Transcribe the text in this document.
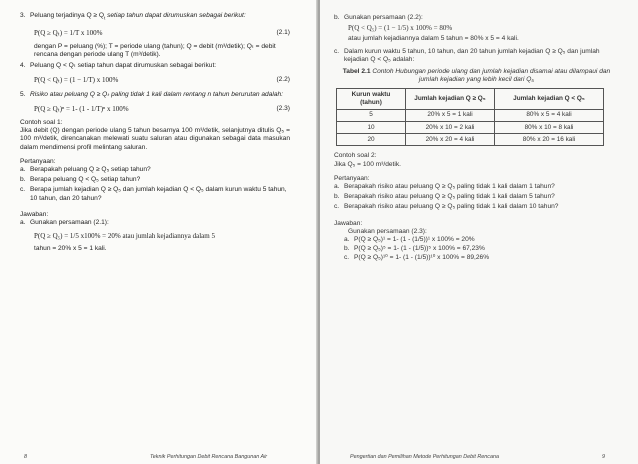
3. Peluang terjadinya $Q \ge Q_t$ setiap tahun dapat dirumuskan sebagai berikut:
P(Q ≥ Qₜ) = 1/T x 100%	(2.1)

dengan P = peluang (%); T = periode ulang (tahun); Q = debit (m³/detik); Qₜ = debit rencana dengan periode ulang T (m³/detik).

4. Peluang Q < Qₜ setiap tahun dapat dirumuskan sebagai berikut:
P(Q < Qₜ) = (1 − 1/T) x 100%	(2.2)
5. Risiko atau peluang Q ≥ Qₜ paling tidak 1 kali dalam rentang n tahun berurutan adalah:
P(Q ≥ Qₜ)ⁿ = 1- (1 - 1/T)ⁿ x 100%	(2.3)

Contoh soal 1:

Jika debit (Q) dengan periode ulang 5 tahun besarnya 100 m³/detik, selanjutnya ditulis Q₅ = 100 m³/detik, direncanakan melewati suatu saluran atau digunakan sebagai data masukan dalam mendimensi profil melintang saluran.

Pertanyaan:

a. Berapakah peluang Q ≥ Q₅ setiap tahun?
b. Berapa peluang Q < Q₅ setiap tahun?
c. Berapa jumlah kejadian Q ≥ Q₅ dan jumlah kejadian Q < Q₅ dalam kurun waktu 5 tahun, 10 tahun, dan 20 tahun?

Jawaban:

a. Gunakan persamaan (2.1):

P(Q ≥ Q₅) = 1/5 x100% = 20% atau jumlah kejadiannya dalam 5

tahun = 20% x 5 = 1 kali.

8	Teknik Perhitungan Debit Rencana Bangunan Air
b. Gunakan persamaan (2.2):

P(Q < Q₅) = (1 − 1/5) x 100% = 80%

atau jumlah kejadiannya dalam 5 tahun = 80% x 5 = 4 kali.

c. Dalam kurun waktu 5 tahun, 10 tahun, dan 20 tahun jumlah kejadian Q ≥ Q₅ dan jumlah kejadian Q < Q₅ adalah:

Tabel 2.1 Contoh Hubungan periode ulang dan jumlah kejadian disamai atau dilampaui dan jumlah kejadian yang lebih kecil dari Q₅

Kurun waktu (tahun)	Jumlah kejadian Q ≥ Q₅	Jumlah kejadian Q < Q₅
5	20% x 5 = 1 kali	80% x 5 = 4 kali
10	20% x 10 = 2 kali	80% x 10 = 8 kali
20	20% x 20 = 4 kali	80% x 20 = 16 kali

Contoh soal 2:

Jika Q₅ = 100 m³/detik.

Pertanyaan:

a. Berapakah risiko atau peluang Q ≥ Q₅ paling tidak 1 kali dalam 1 tahun?
b. Berapakah risiko atau peluang Q ≥ Q₅ paling tidak 1 kali dalam 5 tahun?
c. Berapakah risiko atau peluang Q ≥ Q₅ paling tidak 1 kali dalam 10 tahun?

Jawaban:

Gunakan persamaan (2.3):

a. P(Q ≥ Q₅)¹ = 1- (1 - (1/5))¹ x 100% = 20%
b. P(Q ≥ Q₅)⁵ = 1- (1 - (1/5))⁵ x 100% = 67,23%
c. P(Q ≥ Q₅)¹⁰ = 1- (1 - (1/5))¹⁰ x 100% = 89,26%
Pengertian dan Pemilihan Metode Perhitungan Debit Rencana	9
